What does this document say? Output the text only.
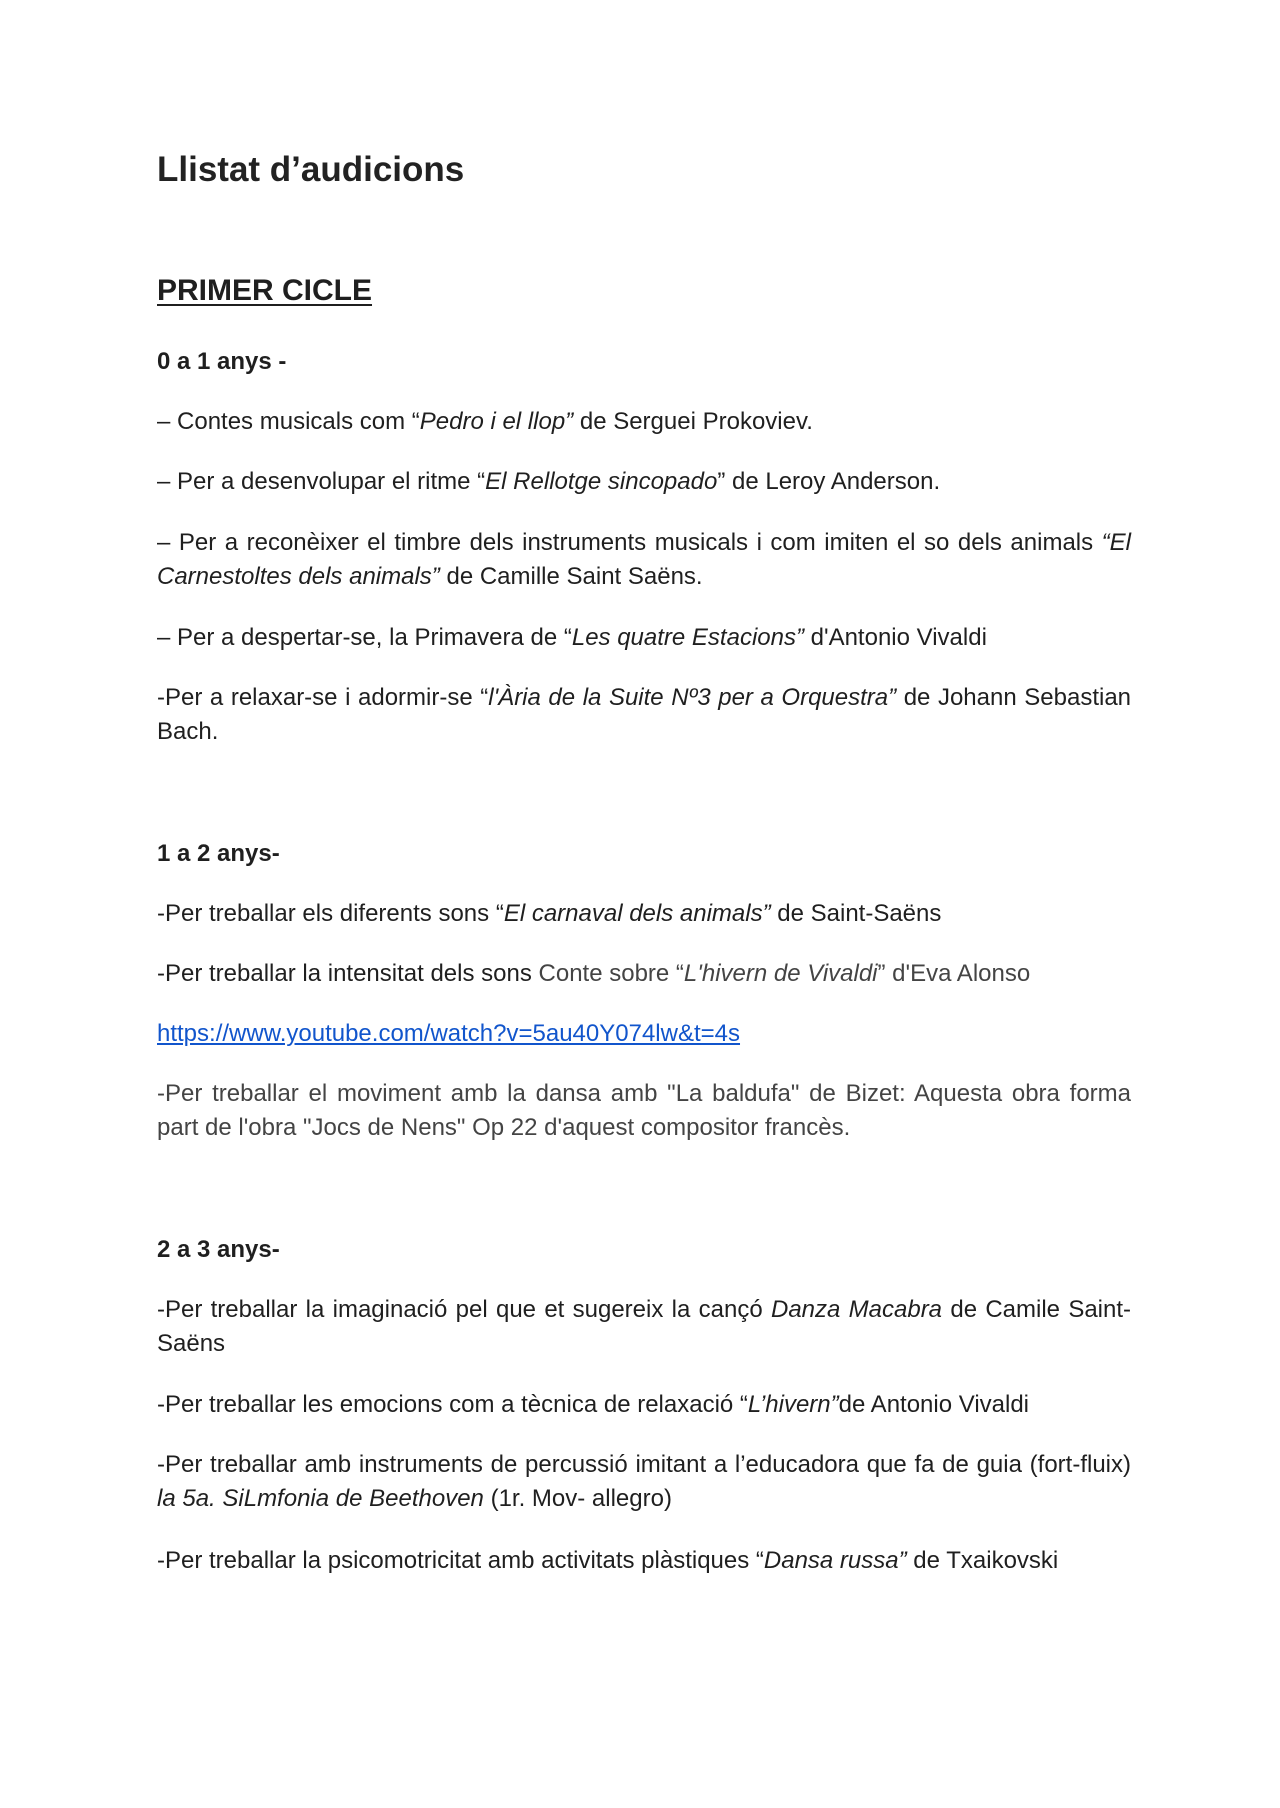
Llistat d’audicions
PRIMER CICLE
0 a 1 anys -

– Contes musicals com “Pedro i el llop” de Serguei Prokoviev.

– Per a desenvolupar el ritme “El Rellotge sincopado” de Leroy Anderson.

– Per a reconèixer el timbre dels instruments musicals i com imiten el so dels animals “El Carnestoltes dels animals” de Camille Saint Saëns.

– Per a despertar-se, la Primavera de “Les quatre Estacions” d'Antonio Vivaldi

-Per a relaxar-se i adormir-se “l'Ària de la Suite Nº3 per a Orquestra” de Johann Sebastian Bach.

1 a 2 anys-

-Per treballar els diferents sons “El carnaval dels animals” de Saint-Saëns

-Per treballar la intensitat dels sons Conte sobre “L'hivern de Vivaldi” d'Eva Alonso

https://www.youtube.com/watch?v=5au40Y074lw&t=4s

-Per treballar el moviment amb la dansa amb "La baldufa" de Bizet: Aquesta obra forma part de l'obra "Jocs de Nens" Op 22 d'aquest compositor francès.

2 a 3 anys-

-Per treballar la imaginació pel que et sugereix la cançó Danza Macabra de Camile Saint-Saëns

-Per treballar les emocions com a tècnica de relaxació “L’hivern”de Antonio Vivaldi

-Per treballar amb instruments de percussió imitant a l’educadora que fa de guia (fort-fluix) la 5a. SiLmfonia de Beethoven (1r. Mov- allegro)

-Per treballar la psicomotricitat amb activitats plàstiques “Dansa russa” de Txaikovski
